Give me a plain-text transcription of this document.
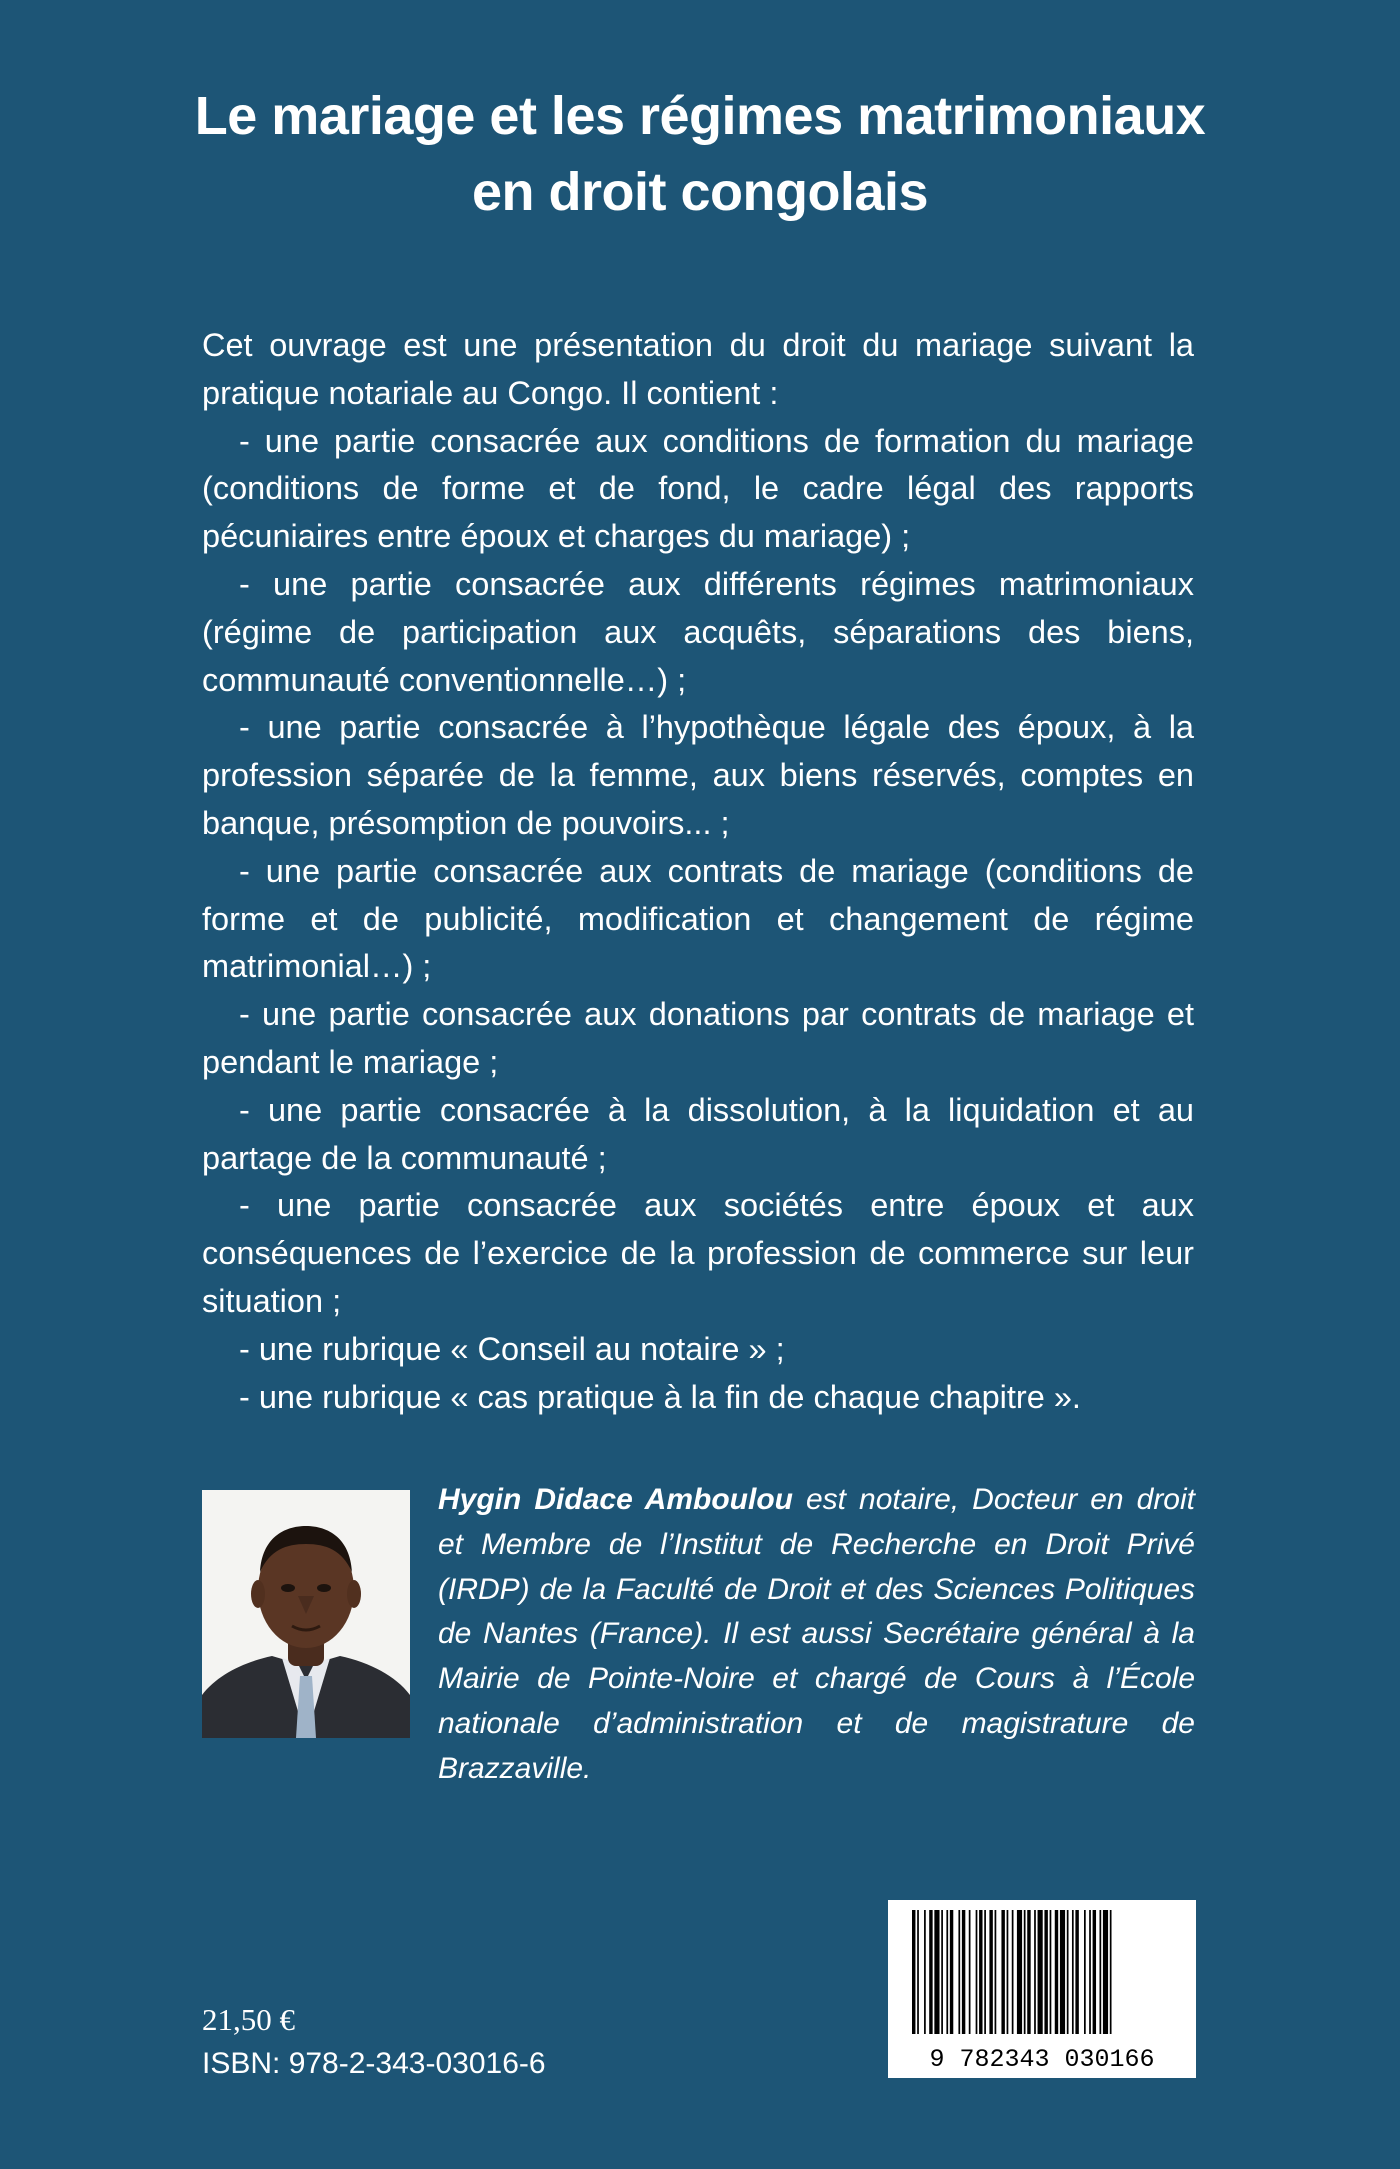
Le mariage et les régimes matrimoniaux
en droit congolais

Cet ouvrage est une présentation du droit du mariage suivant la pratique notariale au Congo. Il contient :

- une partie consacrée aux conditions de formation du mariage (conditions de forme et de fond, le cadre légal des rapports pécuniaires entre époux et charges du mariage) ;

- une partie consacrée aux différents régimes matrimoniaux (régime de participation aux acquêts, séparations des biens, communauté conventionnelle…) ;

- une partie consacrée à l’hypothèque légale des époux, à la profession séparée de la femme, aux biens réservés, comptes en banque, présomption de pouvoirs... ;

- une partie consacrée aux contrats de mariage (conditions de forme et de publicité, modification et changement de régime matrimonial…) ;

- une partie consacrée aux donations par contrats de mariage et pendant le mariage ;

- une partie consacrée à la dissolution, à la liquidation et au partage de la communauté ;

- une partie consacrée aux sociétés entre époux et aux conséquences de l’exercice de la profession de commerce sur leur situation ;

- une rubrique « Conseil au notaire » ;

- une rubrique « cas pratique à la fin de chaque chapitre ».

Hygin Didace Amboulou est notaire, Docteur en droit et Membre de l’Institut de Recherche en Droit Privé (IRDP) de la Faculté de Droit et des Sciences Politiques de Nantes (France). Il est aussi Secrétaire général à la Mairie de Pointe-Noire et chargé de Cours à l’École nationale d’administration et de magistrature de Brazzaville.
9 782343 030166
21,50 €
ISBN: 978-2-343-03016-6
